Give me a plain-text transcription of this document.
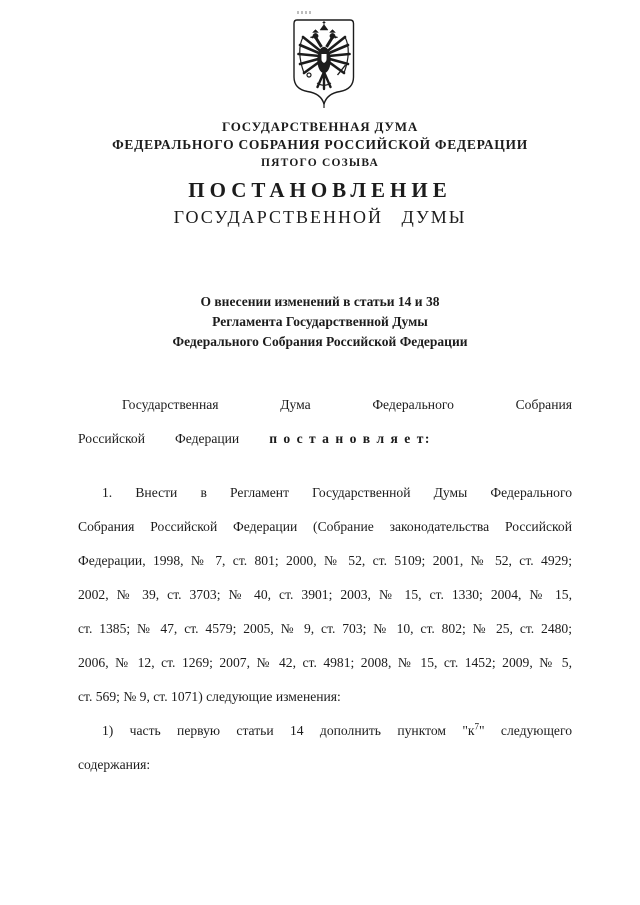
ГОСУДАРСТВЕННАЯ ДУМА
ФЕДЕРАЛЬНОГО СОБРАНИЯ РОССИЙСКОЙ ФЕДЕРАЦИИ
ПЯТОГО СОЗЫВА
ПОСТАНОВЛЕНИЕ
ГОСУДАРСТВЕННОЙ ДУМЫ
О внесении изменений в статьи 14 и 38
Регламента Государственной Думы
Федерального Собрания Российской Федерации
Государственная Дума Федерального Собрания
Российской Федерации п о с т а н о в л я е т:
1. Внести в Регламент Государственной Думы Федерального
Собрания Российской Федерации (Собрание законодательства Российской
Федерации, 1998, № 7, ст. 801; 2000, № 52, ст. 5109; 2001, № 52, ст. 4929;
2002, № 39, ст. 3703; № 40, ст. 3901; 2003, № 15, ст. 1330; 2004, № 15,
ст. 1385; № 47, ст. 4579; 2005, № 9, ст. 703; № 10, ст. 802; № 25, ст. 2480;
2006, № 12, ст. 1269; 2007, № 42, ст. 4981; 2008, № 15, ст. 1452; 2009, № 5,
ст. 569; № 9, ст. 1071) следующие изменения:
1) часть первую статьи 14 дополнить пунктом "$к^7$" следующего
содержания:
